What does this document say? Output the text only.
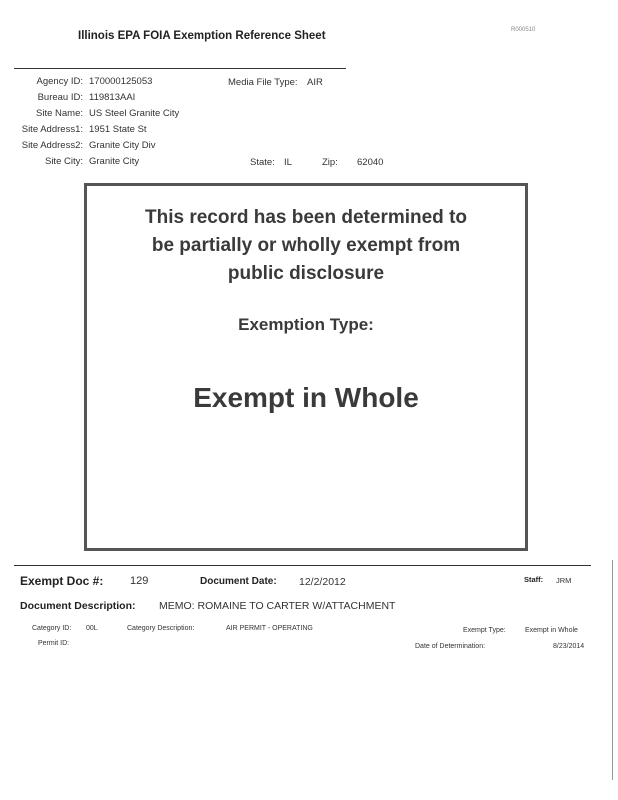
Illinois EPA FOIA Exemption Reference Sheet	R000510
Agency ID: 170000125053	Media File Type: AIR
Bureau ID: 119813AAI
Site Name: US Steel Granite City
Site Address1: 1951 State St
Site Address2: Granite City Div
Site City: Granite City	State: IL	Zip: 62040
This record has been determined to
be partially or wholly exempt from
public disclosure
Exemption Type:
Exempt in Whole
Exempt Doc #: 129	Document Date: 12/2/2012	Staff: JRM
Document Description: MEMO: ROMAINE TO CARTER W/ATTACHMENT
Category ID: 00L	Category Description:	AIR PERMIT - OPERATING	Exempt Type:	Exempt in Whole
Permit ID:	Date of Determination:	8/23/2014
